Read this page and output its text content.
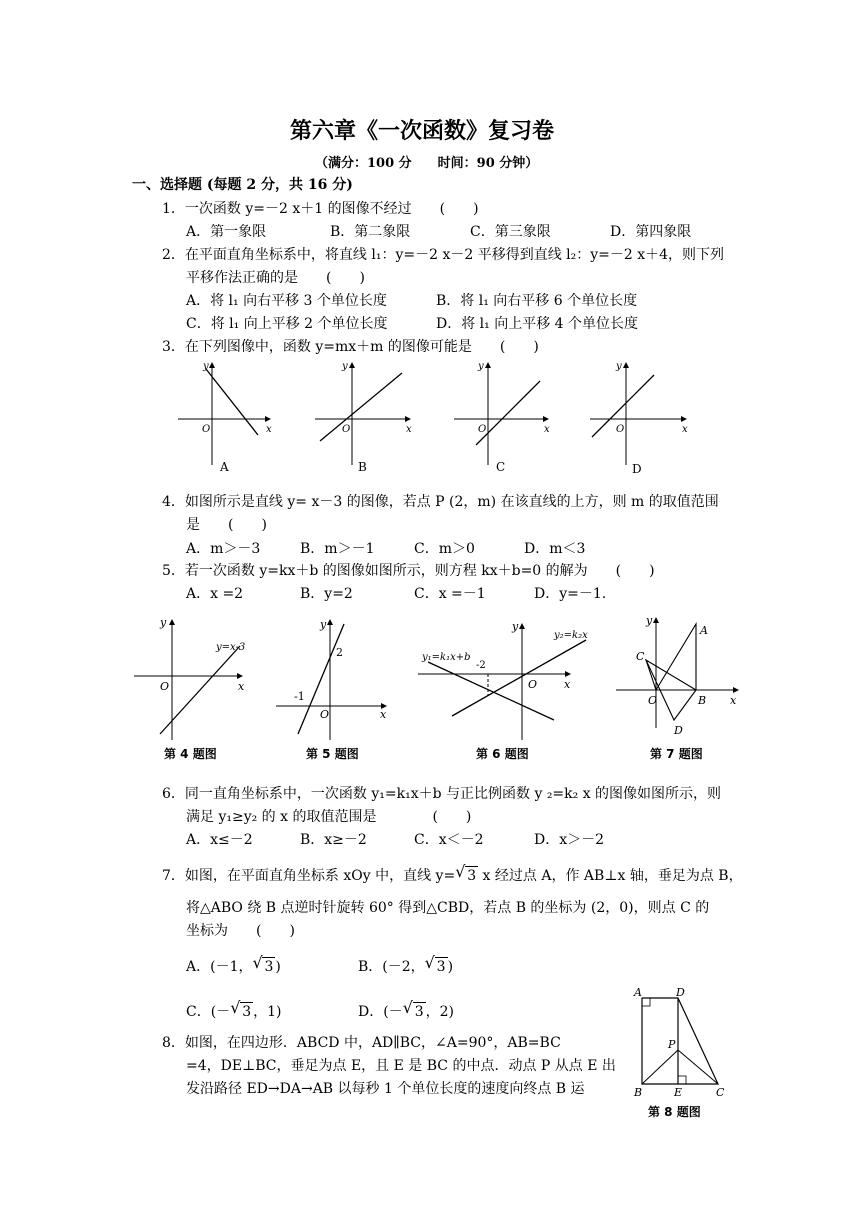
第六章《一次函数》复习卷
（满分：100 分　　时间：90 分钟）
一、选择题 (每题 2 分，共 16 分)
1．一次函数 y=－2 x＋1 的图像不经过　　(　　)
A．第一象限	B．第二象限	C．第三象限	D．第四象限
2．在平面直角坐标系中，将直线 l₁：y=－2 x－2 平移得到直线 l₂：y=－2 x＋4，则下列
平移作法正确的是　　(　　)
A．将 l₁ 向右平移 3 个单位长度	B．将 l₁ 向右平移 6 个单位长度
C．将 l₁ 向上平移 2 个单位长度	D．将 l₁ 向上平移 4 个单位长度
3．在下列图像中，函数 y=mx＋m 的图像可能是　　(　　)
O	x
y
A
O	x
y
B
O	x
y
C
O	x
y
D
4．如图所示是直线 y= x－3 的图像，若点 P (2，m) 在该直线的上方，则 m 的取值范围
是　　(　　)
A．m＞－3	B．m＞－1	C．m＞0	D．m＜3
5．若一次函数 y=kx＋b 的图像如图所示，则方程 kx＋b=0 的解为　　(　　)
A．x =2	B．y=2	C．x =－1	D．y=－1.
y
x
O
y=x-3
第 4 题图
y
x
O
2
-1
第 5 题图
y
x
O
-2
y₁=k₁x+b
y₂=k₂x
第 6 题图
y
x
O
A
B
C
D
第 7 题图
6．同一直角坐标系中，一次函数 y₁=k₁x＋b 与正比例函数 y ₂=k₂ x 的图像如图所示，则
满足 y₁≥y₂ 的 x 的取值范围是　　　　(　　)
A．x≤－2	B．x≥－2	C．x＜－2	D．x＞－2
7．如图，在平面直角坐标系 xOy 中，直线 y= √ 3 x 经过点 A，作 AB⊥x 轴，垂足为点 B，
将△ABO 绕 B 点逆时针旋转 60° 得到△CBD，若点 B 的坐标为 (2，0)，则点 C 的
坐标为　　(　　)
A．(－1， √ 3 )	B．(－2， √ 3 )
C．(－ √ 3 ，1)	D．(－ √ 3 ，2)
8．如图，在四边形．ABCD 中，AD∥BC，∠A=90°，AB=BC
=4，DE⊥BC，垂足为点 E，且 E 是 BC 的中点．动点 P 从点 E 出
发沿路径 ED→DA→AB 以每秒 1 个单位长度的速度向终点 B 运
A	D
P
B	E	C
第 8 题图
